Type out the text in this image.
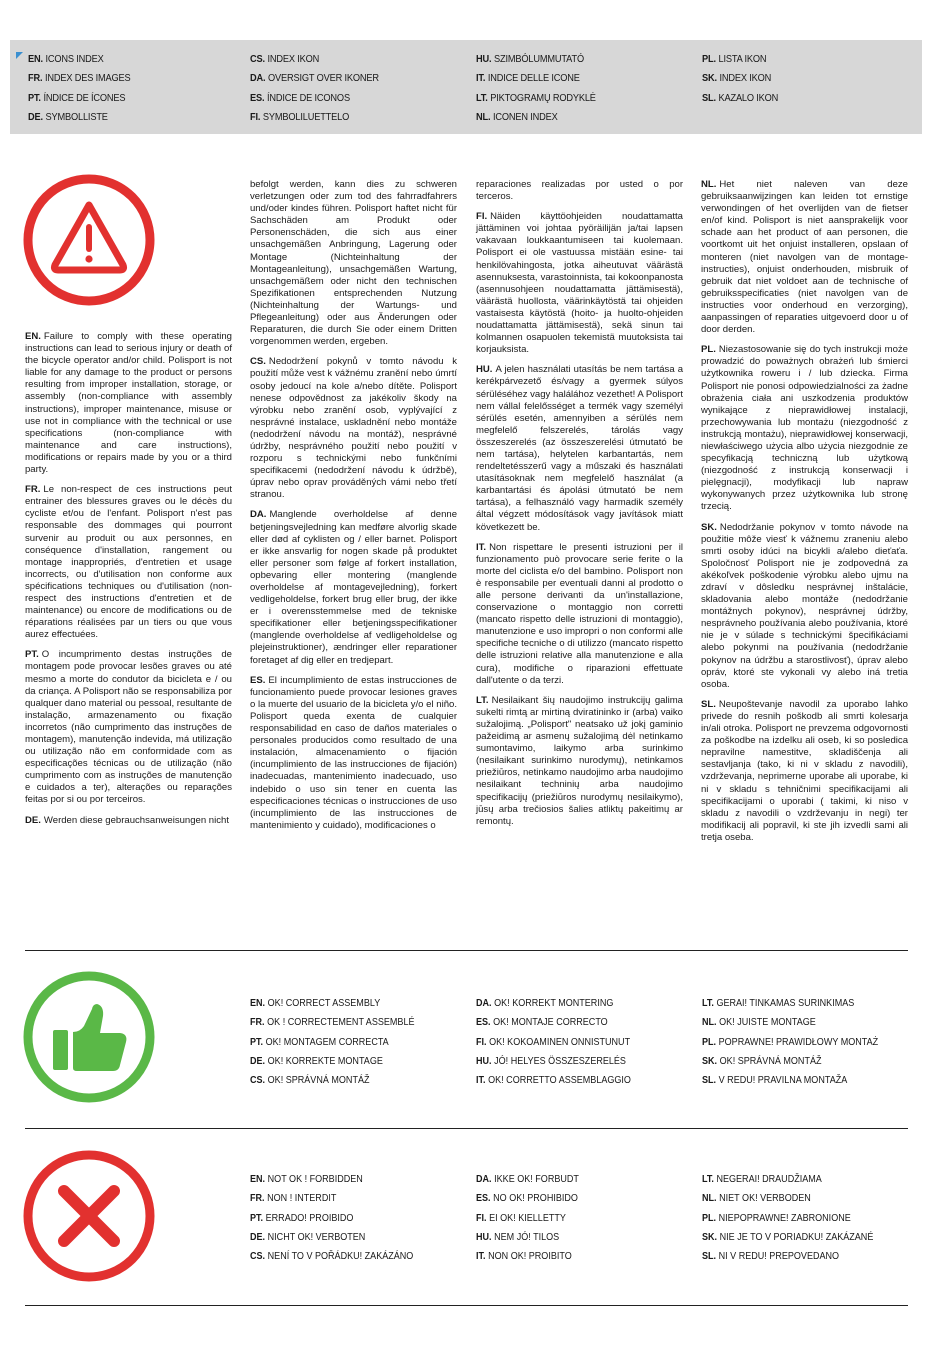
EN. ICONS INDEX
FR. INDEX DES IMAGES
PT. ÍNDICE DE ÍCONES
DE. SYMBOLLISTE
CS. INDEX IKON
DA. OVERSIGT OVER IKONER
ES. ÍNDICE DE ICONOS
FI. SYMBOLILUETTELO
HU. SZIMBÓLUMMUTATÓ
IT. INDICE DELLE ICONE
LT. PIKTOGRAMŲ RODYKLĖ
NL. ICONEN INDEX
PL. LISTA IKON
SK. INDEX IKON
SL. KAZALO IKON

EN. Failure to comply with these operating instructions can lead to serious injury or death of the bicycle operator and/or child. Polisport is not liable for any damage to the product or persons resulting from improper installation, storage, or assembly (non-compliance with assembly instructions), improper maintenance, misuse or use not in compliance with the technical or use specifications (non-compliance with maintenance and care instructions), modifications or repairs made by you or a third party.

FR. Le non-respect de ces instructions peut entrainer des blessures graves ou le décès du cycliste et/ou de l'enfant. Polisport n'est pas responsable des dommages qui pourront survenir au produit ou aux personnes, en conséquence d'installation, rangement ou montage inappropriés, d'entretien et usage incorrects, ou d'utilisation non conforme aux spécifications techniques ou d'utilisation (non-respect des instructions d'entretien et de maintenance) ou encore de modifications ou de réparations réalisées par un tiers ou que vous aurez effectuées.

PT. O incumprimento destas instruções de montagem pode provocar lesões graves ou até mesmo a morte do condutor da bicicleta e / ou da criança. A Polisport não se responsabiliza por qualquer dano material ou pessoal, resultante de instalação, armazenamento ou fixação incorretos (não cumprimento das instruções de montagem), manutenção indevida, má utilização ou utilização não em conformidade com as especificações técnicas ou de utilização (não cumprimento com as instruções de manutenção e cuidados a ter), alterações ou reparações feitas por si ou por terceiros.

DE. Werden diese gebrauchsanweisungen nicht

befolgt werden, kann dies zu schweren verletzungen oder zum tod des fahrradfahrers und/oder kindes führen. Polisport haftet nicht für Sachschäden am Produkt oder Personenschäden, die sich aus einer unsachgemäßen Anbringung, Lagerung oder Montage (Nichteinhaltung der Montageanleitung), unsachgemäßen Wartung, unsachgemäßem oder nicht den technischen Spezifikationen entsprechenden Nutzung (Nichteinhaltung der Wartungs- und Pflegeanleitung) oder aus Änderungen oder Reparaturen, die durch Sie oder einem Dritten vorgenommen werden, ergeben.

CS. Nedodržení pokynů v tomto návodu k použití může vest k vážnému zranění nebo úmrtí osoby jedoucí na kole a/nebo dítěte. Polisport nenese odpovědnost za jakékoliv škody na výrobku nebo zranění osob, vyplývající z nesprávné instalace, uskladnění nebo montáže (nedodržení návodu na montáž), nesprávné údržby, nesprávného použití nebo použití v rozporu s technickými nebo funkčními specifikacemi (nedodržení návodu k údržbě), úprav nebo oprav prováděných vámi nebo třetí stranou.

DA. Manglende overholdelse af denne betjeningsvejledning kan medføre alvorlig skade eller død af cyklisten og / eller barnet. Polisport er ikke ansvarlig for nogen skade på produktet eller personer som følge af forkert installation, opbevaring eller montering (manglende overholdelse af montagevejledning), forkert vedligeholdelse, forkert brug eller brug, der ikke er i overensstemmelse med de tekniske specifikationer eller betjeningsspecifikationer (manglende overholdelse af vedligeholdelse og plejeinstruktioner), ændringer eller reparationer foretaget af dig eller en tredjepart.

ES. El incumplimiento de estas instrucciones de funcionamiento puede provocar lesiones graves o la muerte del usuario de la bicicleta y/o el niño. Polisport queda exenta de cualquier responsabilidad en caso de daños materiales o personales producidos como resultado de una instalación, almacenamiento o fijación (incumplimiento de las instrucciones de fijación) inadecuadas, mantenimiento inadecuado, uso indebido o uso sin tener en cuenta las especificaciones técnicas o instrucciones de uso (incumplimiento de las instrucciones de mantenimiento y cuidado), modificaciones o

reparaciones realizadas por usted o por terceros.

FI. Näiden käyttöohjeiden noudattamatta jättäminen voi johtaa pyöräilijän ja/tai lapsen vakavaan loukkaantumiseen tai kuolemaan. Polisport ei ole vastuussa mistään esine- tai henkilövahingosta, jotka aiheutuvat väärästä asennuksesta, varastoinnista, tai kokoonpanosta (asennusohjeen noudattamatta jättämisestä), väärästä huollosta, väärinkäytöstä tai ohjeiden vastaisesta käytöstä (hoito- ja huolto-ohjeiden noudattamatta jättämisestä), sekä sinun tai kolmannen osapuolen tekemistä muutoksista tai korjauksista.

HU. A jelen használati utasítás be nem tartása a kerékpárvezető és/vagy a gyermek súlyos sérüléséhez vagy halálához vezethet! A Polisport nem vállal felelősséget a termék vagy személyi sérülés esetén, amennyiben a sérülés nem megfelelő felszerelés, tárolás vagy összeszerelés (az összeszerelési útmutató be nem tartása), helytelen karbantartás, nem rendeltetésszerű vagy a műszaki és használati utasításoknak nem megfelelő használat (a karbantartási és ápolási útmutató be nem tartása), a felhasználó vagy harmadik személy által végzett módosítások vagy javítások miatt következett be.

IT. Non rispettare le presenti istruzioni per il funzionamento può provocare serie ferite o la morte del ciclista e/o del bambino. Polisport non è responsabile per eventuali danni al prodotto o alle persone derivanti da un'installazione, conservazione o montaggio non corretti (mancato rispetto delle istruzioni di montaggio), manutenzione e uso impropri o non conformi alle specifiche tecniche o di utilizzo (mancato rispetto delle istruzioni relative alla manutenzione e alla cura), modifiche o riparazioni effettuate dall'utente o da terzi.

LT. Nesilaikant šių naudojimo instrukcijų galima sukelti rimtą ar mirtiną dviratininko ir (arba) vaiko sužalojimą. „Polisport" neatsako už jokį gaminio pažeidimą ar asmenų sužalojimą dėl netinkamo sumontavimo, laikymo arba surinkimo (nesilaikant surinkimo nurodymų), netinkamos priežiūros, netinkamo naudojimo arba naudojimo nesilaikant techninių arba naudojimo specifikacijų (priežiūros nurodymų nesilaikymo), jūsų arba trečiosios šalies atliktų pakeitimų ar remontų.

NL. Het niet naleven van deze gebruiksaanwijzingen kan leiden tot ernstige verwondingen of het overlijden van de fietser en/of kind. Polisport is niet aansprakelijk voor schade aan het product of aan personen, die voortkomt uit het onjuist installeren, opslaan of monteren (niet navolgen van de montage-instructies), onjuist onderhouden, misbruik of gebruik dat niet voldoet aan de technische of gebruiksspecificaties (niet navolgen van de instructies voor onderhoud en verzorging), aanpassingen of reparaties uitgevoerd door u of door derden.

PL. Niezastosowanie się do tych instrukcji może prowadzić do poważnych obrażeń lub śmierci użytkownika roweru i / lub dziecka. Firma Polisport nie ponosi odpowiedzialności za żadne obrażenia ciała ani uszkodzenia produktów wynikające z nieprawidłowej instalacji, przechowywania lub montażu (niezgodność z instrukcją montażu), nieprawidłowej konserwacji, niewłaściwego użycia albo użycia niezgodnie ze specyfikacją techniczną lub użytkową (niezgodność z instrukcją konserwacji i pielęgnacji), modyfikacji lub napraw wykonywanych przez użytkownika lub stronę trzecią.

SK. Nedodržanie pokynov v tomto návode na použitie môže viesť k vážnemu zraneniu alebo smrti osoby idúci na bicykli a/alebo dieťaťa. Spoločnosť Polisport nie je zodpovedná za akékoľvek poškodenie výrobku alebo ujmu na zdraví v dôsledku nesprávnej inštalácie, skladovania alebo montáže (nedodržanie montážnych pokynov), nesprávnej údržby, nesprávneho používania alebo používania, ktoré nie je v súlade s technickými špecifikáciami alebo pokynmi na používania (nedodržanie pokynov na údržbu a starostlivosť), úprav alebo opráv, ktoré ste vykonali vy alebo iná tretia osoba.

SL. Neupoštevanje navodil za uporabo lahko privede do resnih poškodb ali smrti kolesarja in/ali otroka. Polisport ne prevzema odgovornosti za poškodbe na izdelku ali oseb, ki so posledica nepravilne namestitve, skladiščenja ali sestavljanja (tako, ki ni v skladu z navodili), vzdrževanja, neprimerne uporabe ali uporabe, ki ni v skladu s tehničnimi specifikacijami ali specifikacijami o uporabi ( takimi, ki niso v skladu z navodili o vzdrževanju in negi) ter modifikacij ali popravil, ki ste jih izvedli sami ali tretja oseba.

EN. OK! CORRECT ASSEMBLY
FR. OK ! CORRECTEMENT ASSEMBLÉ
PT. OK! MONTAGEM CORRECTA
DE. OK! KORREKTE MONTAGE
CS. OK! SPRÁVNÁ MONTÁŽ
DA. OK! KORREKT MONTERING
ES. OK! MONTAJE CORRECTO
FI. OK! KOKOAMINEN ONNISTUNUT
HU. JÓ! HELYES ÖSSZESZERELÉS
IT. OK! CORRETTO ASSEMBLAGGIO
LT. GERAI! TINKAMAS SURINKIMAS
NL. OK! JUISTE MONTAGE
PL. POPRAWNE! PRAWIDŁOWY MONTAŻ
SK. OK! SPRÁVNÁ MONTÁŽ
SL. V REDU! PRAVILNA MONTAŽA
EN. NOT OK ! FORBIDDEN
FR. NON ! INTERDIT
PT. ERRADO! PROIBIDO
DE. NICHT OK! VERBOTEN
CS. NENÍ TO V POŘÁDKU! ZAKÁZÁNO
DA. IKKE OK! FORBUDT
ES. NO OK! PROHIBIDO
FI. EI OK! KIELLETTY
HU. NEM JÓ! TILOS
IT. NON OK! PROIBITO
LT. NEGERAI! DRAUDŽIAMA
NL. NIET OK! VERBODEN
PL. NIEPOPRAWNE! ZABRONIONE
SK. NIE JE TO V PORIADKU! ZAKÁZANÉ
SL. NI V REDU! PREPOVEDANO
